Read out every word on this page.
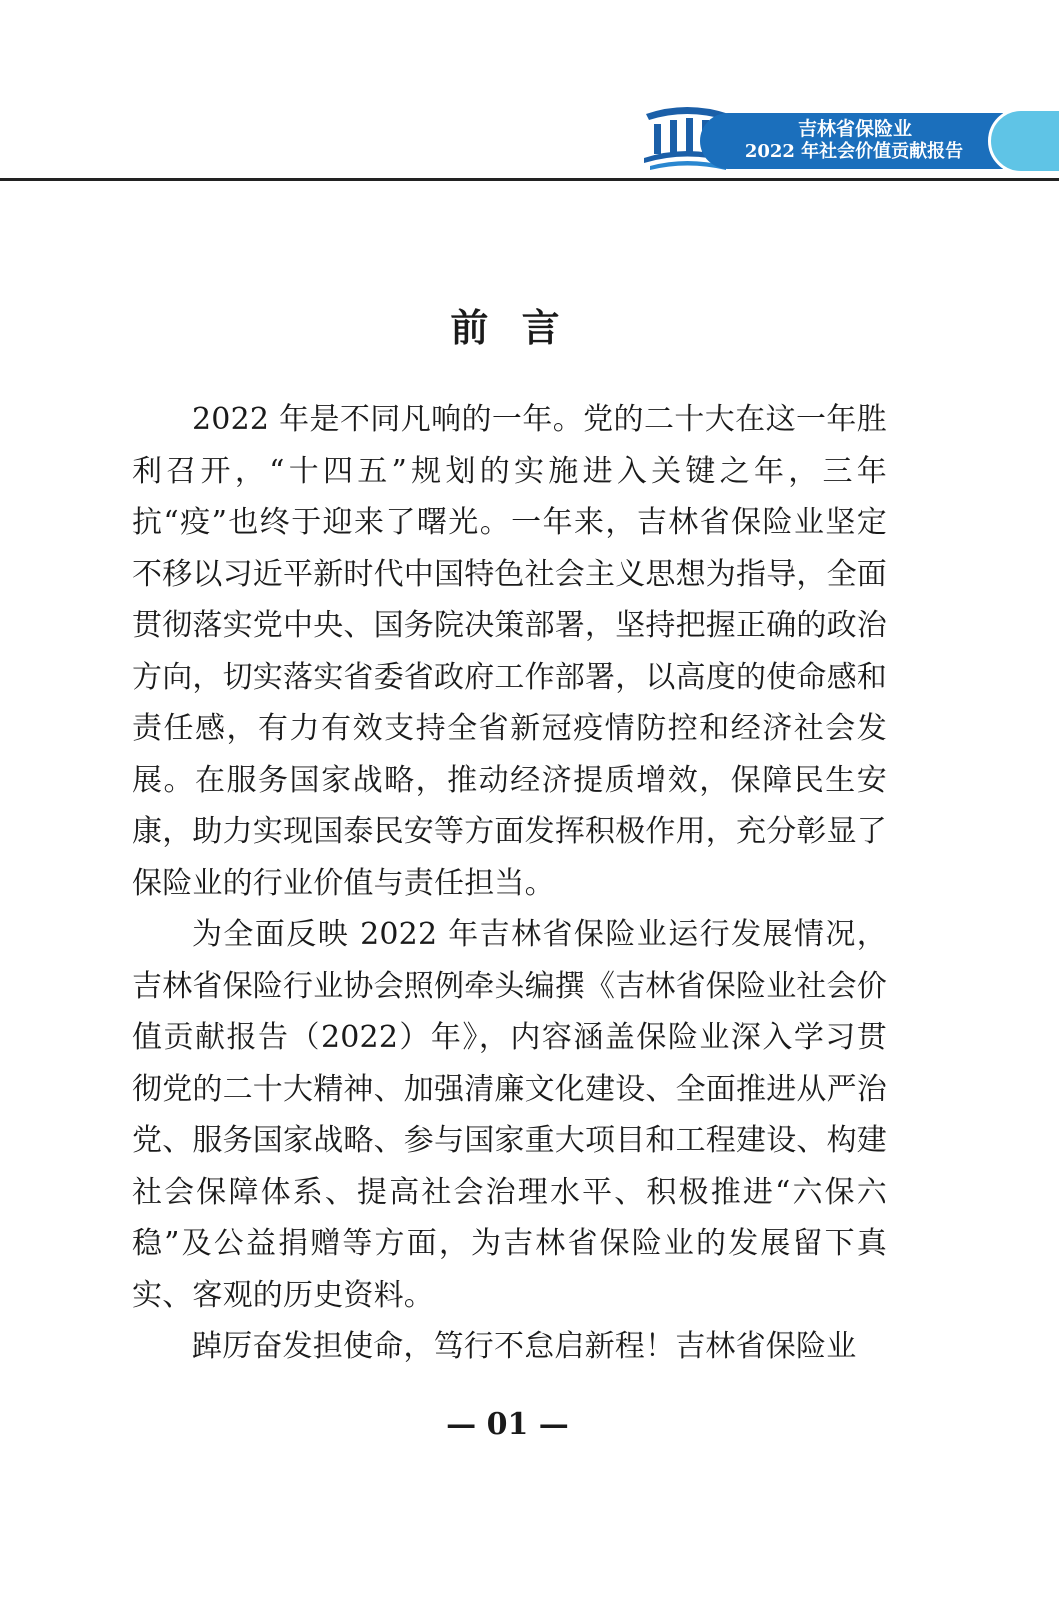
吉林省保险业
2022 年社会价值贡献报告
前 言

2022 年是不同凡响的一年。党的二十大在这一年胜利召开，“十四五”规划的实施进入关键之年，三年抗“疫”也终于迎来了曙光。一年来，吉林省保险业坚定不移以习近平新时代中国特色社会主义思想为指导，全面贯彻落实党中央、国务院决策部署，坚持把握正确的政治方向，切实落实省委省政府工作部署，以高度的使命感和责任感，有力有效支持全省新冠疫情防控和经济社会发展。在服务国家战略，推动经济提质增效，保障民生安康，助力实现国泰民安等方面发挥积极作用，充分彰显了保险业的行业价值与责任担当。

为全面反映 2022 年吉林省保险业运行发展情况，吉林省保险行业协会照例牵头编撰《吉林省保险业社会价值贡献报告（2022）年》，内容涵盖保险业深入学习贯彻党的二十大精神、加强清廉文化建设、全面推进从严治党、服务国家战略、参与国家重大项目和工程建设、构建社会保障体系、提高社会治理水平、积极推进“六保六稳”及公益捐赠等方面，为吉林省保险业的发展留下真实、客观的历史资料。

踔厉奋发担使命，笃行不怠启新程！吉林省保险业

— 01 —
